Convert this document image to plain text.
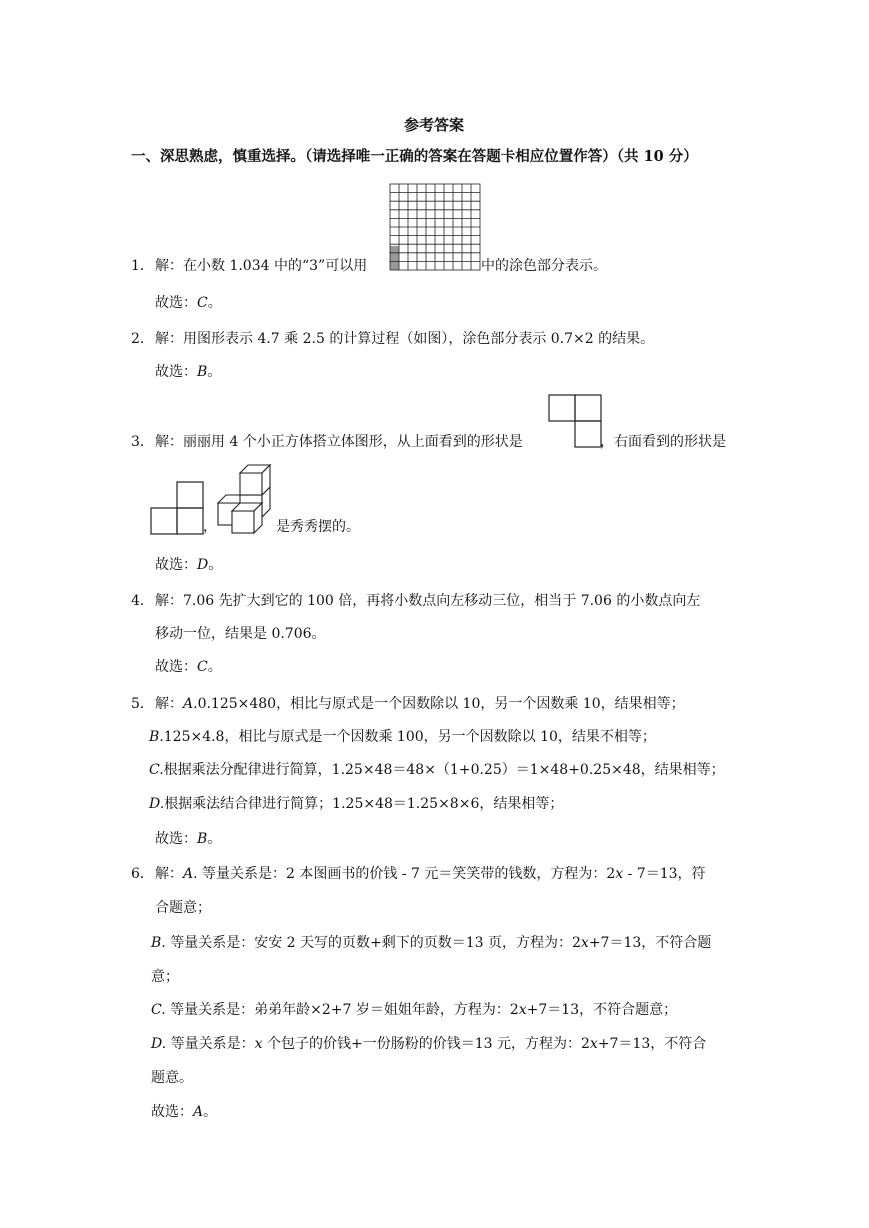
参考答案
一、深思熟虑，慎重选择。（请选择唯一正确的答案在答题卡相应位置作答）（共 10 分）
1． 解：在小数 1.034 中的“3”可以用	中的涂色部分表示。
故选：C。
2． 解：用图形表示 4.7 乘 2.5 的计算过程（如图），涂色部分表示 0.7×2 的结果。
故选：B。
3． 解：丽丽用 4 个小正方体搭立体图形，从上面看到的形状是	，右面看到的形状是
，	是秀秀摆的。
故选：D。
4． 解：7.06 先扩大到它的 100 倍，再将小数点向左移动三位，相当于 7.06 的小数点向左
移动一位，结果是 0.706。
故选：C。
5． 解：A.0.125×480，相比与原式是一个因数除以 10，另一个因数乘 10，结果相等；
B.125×4.8，相比与原式是一个因数乘 100，另一个因数除以 10，结果不相等；
C.根据乘法分配律进行简算，1.25×48＝48×（1+0.25）＝1×48+0.25×48，结果相等；
D.根据乘法结合律进行简算；1.25×48＝1.25×8×6，结果相等；
故选：B。
6． 解：A. 等量关系是：2 本图画书的价钱 - 7 元＝笑笑带的钱数，方程为：2x - 7＝13，符
合题意；
B. 等量关系是：安安 2 天写的页数+剩下的页数＝13 页，方程为：2x+7＝13，不符合题
意；
C. 等量关系是：弟弟年龄×2+7 岁＝姐姐年龄，方程为：2x+7＝13，不符合题意；
D. 等量关系是：x 个包子的价钱+一份肠粉的价钱＝13 元，方程为：2x+7＝13，不符合
题意。
故选：A。
